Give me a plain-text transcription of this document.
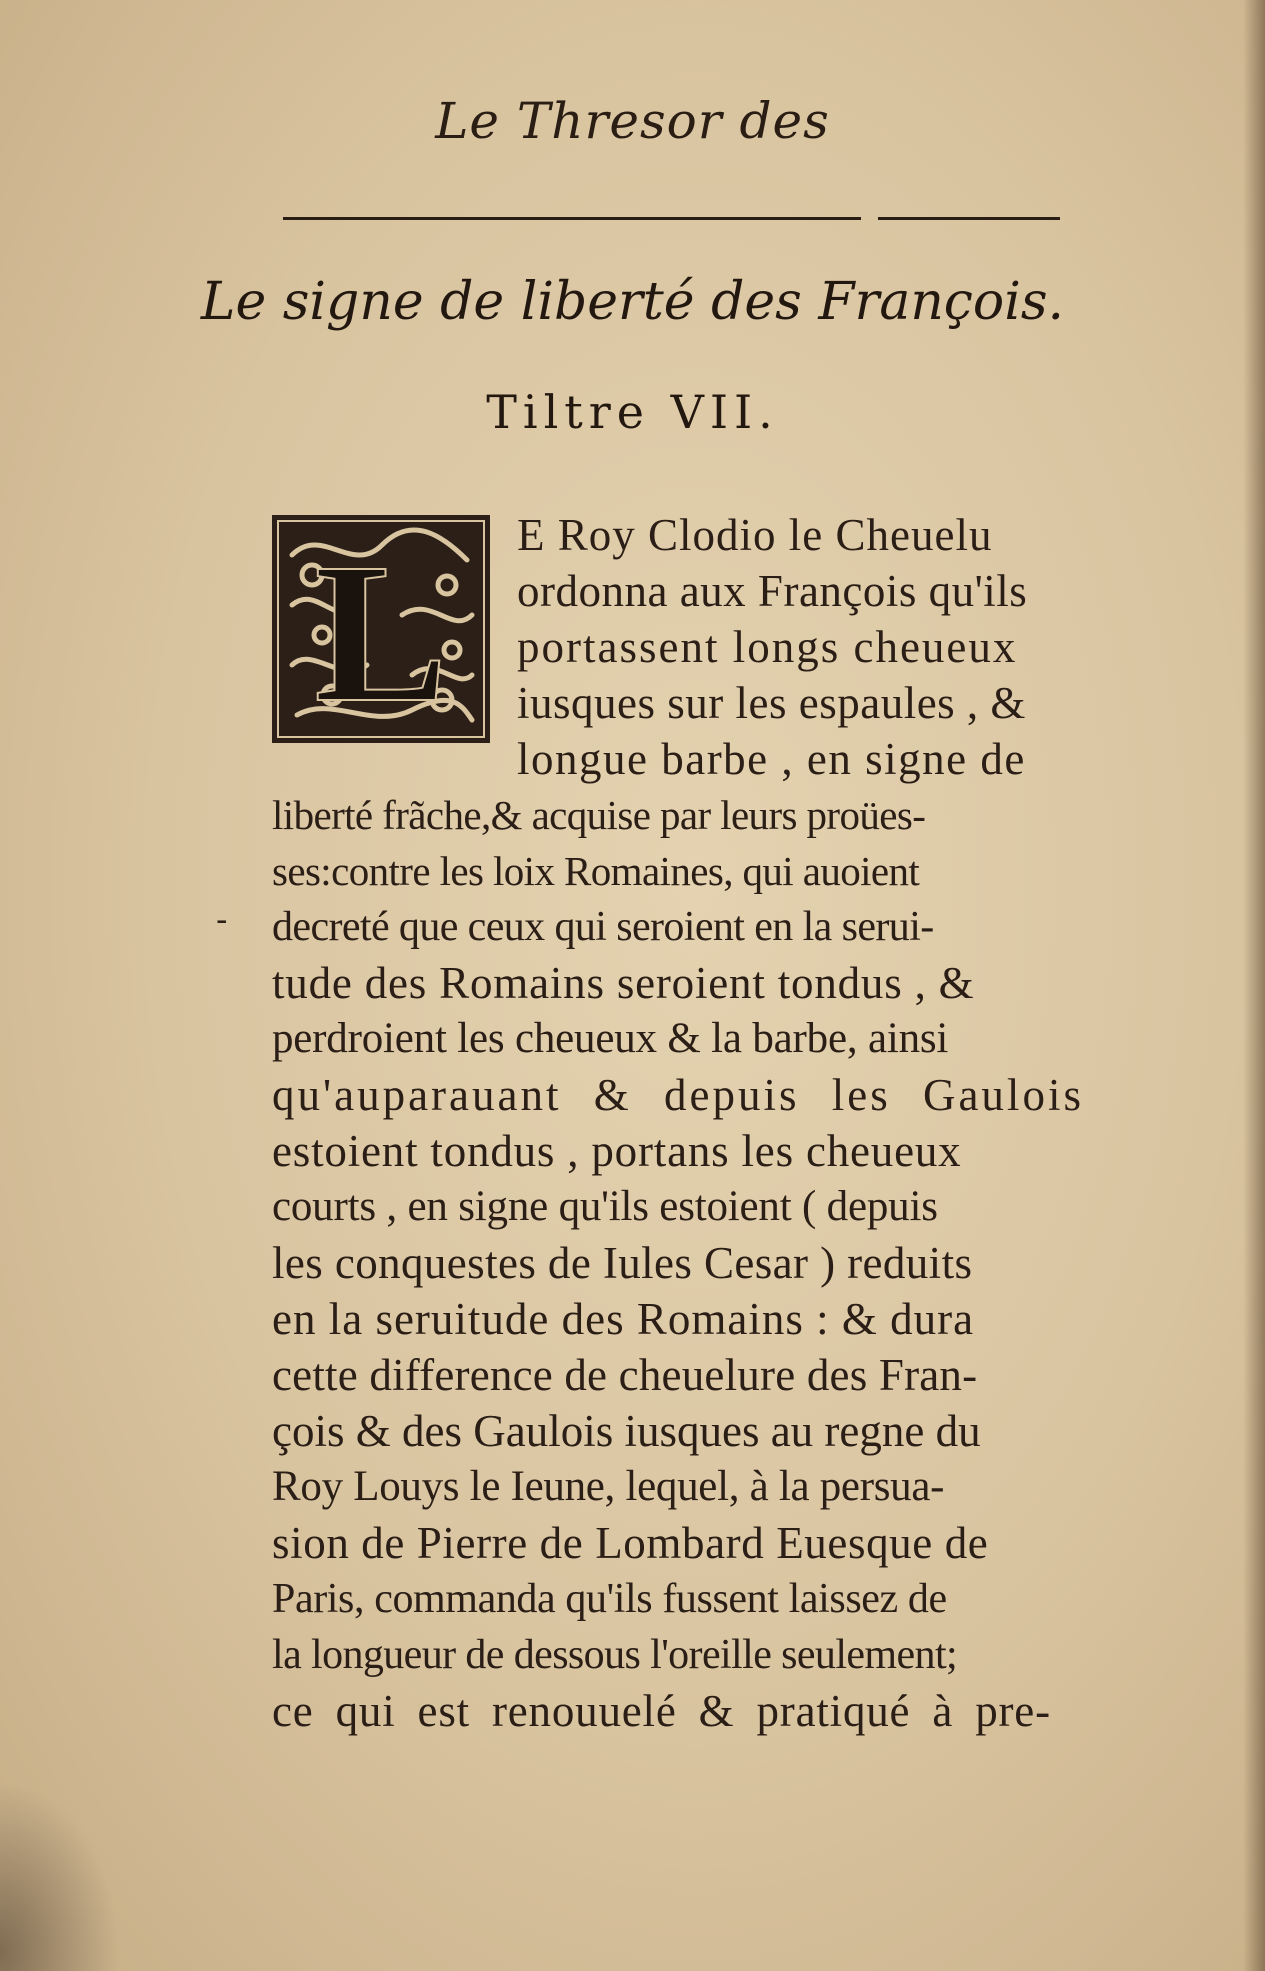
Le Thresor des
Le signe de liberté des François.
Tiltre VII.
L E Roy Clodio le Cheuelu
ordonna aux François qu'ils
portassent longs cheueux
iusques sur les espaules , &
longue barbe , en signe de
liberté frãche,& acquise par leurs proües-
ses:contre les loix Romaines, qui auoient
decreté que ceux qui seroient en la serui-
tude des Romains seroient tondus , &
perdroient les cheueux & la barbe, ainsi
qu'auparauant & depuis les Gaulois
estoient tondus , portans les cheueux
courts , en signe qu'ils estoient ( depuis
les conquestes de Iules Cesar ) reduits
en la seruitude des Romains : & dura
cette difference de cheuelure des Fran-
çois & des Gaulois iusques au regne du
Roy Louys le Ieune, lequel, à la persua-
sion de Pierre de Lombard Euesque de
Paris, commanda qu'ils fussent laissez de
la longueur de dessous l'oreille seulement;
ce qui est renouuelé & pratiqué à pre-
-
